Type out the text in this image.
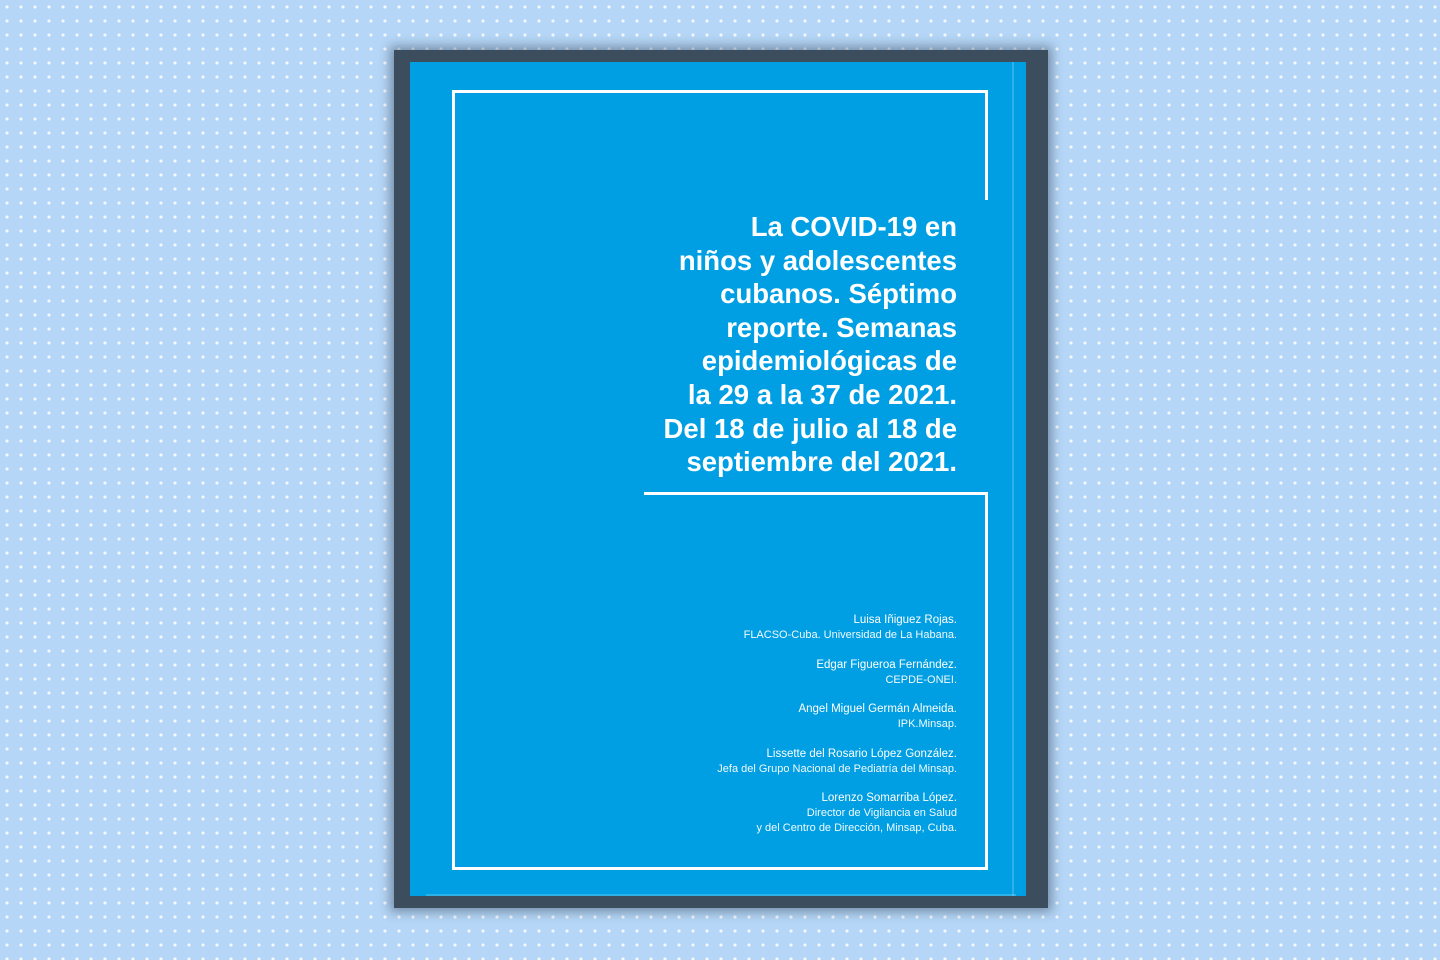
La COVID-19 en
niños y adolescentes
cubanos. Séptimo
reporte. Semanas
epidemiológicas de
la 29 a la 37 de 2021.
Del 18 de julio al 18 de
septiembre del 2021.
Luisa Iñiguez Rojas.
FLACSO-Cuba. Universidad de La Habana.
Edgar Figueroa Fernández.
CEPDE-ONEI.
Angel Miguel Germán Almeida.
IPK.Minsap.
Lissette del Rosario López González.
Jefa del Grupo Nacional de Pediatría del Minsap.
Lorenzo Somarriba López.
Director de Vigilancia en Salud
y del Centro de Dirección, Minsap, Cuba.
